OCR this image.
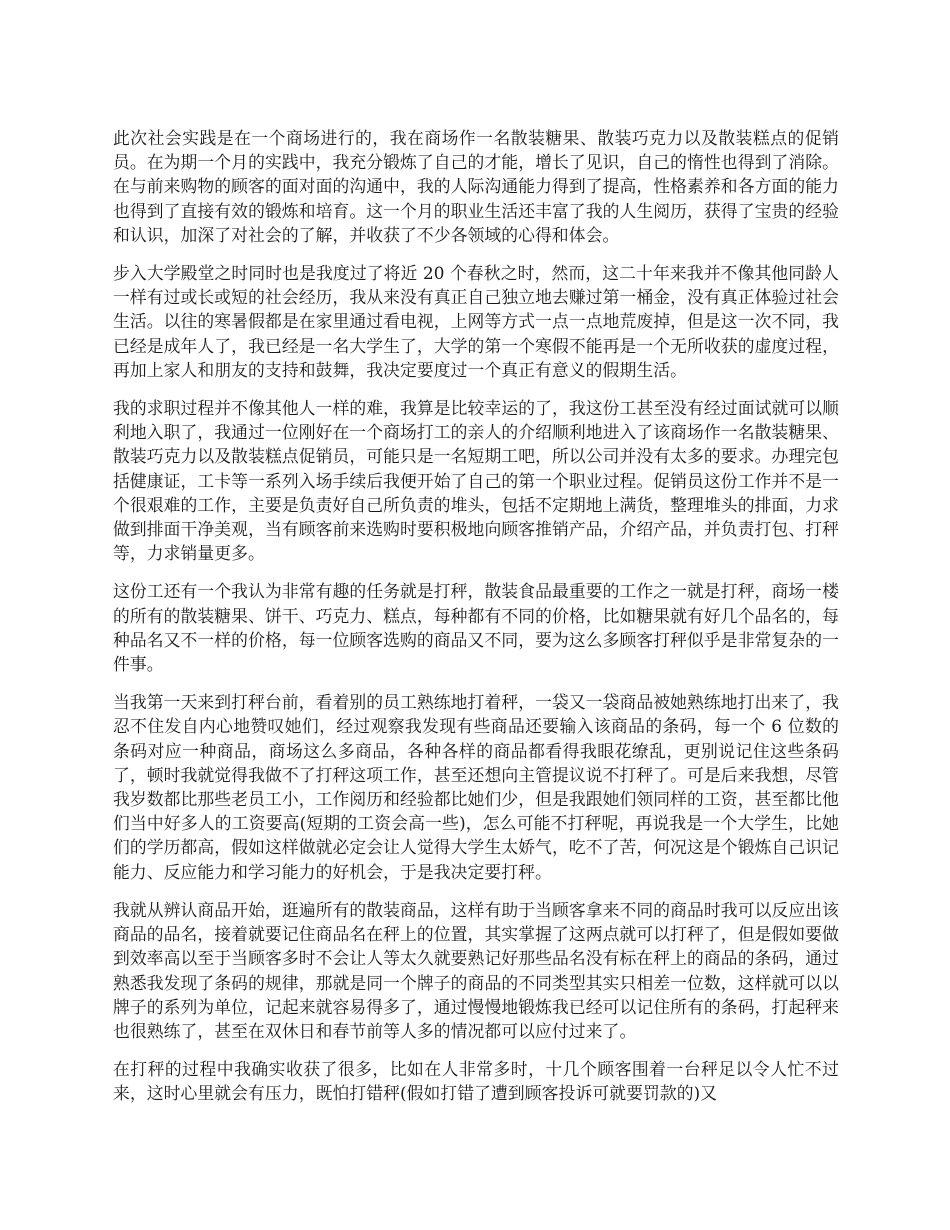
此次社会实践是在一个商场进行的，我在商场作一名散装糖果、散装巧克力以及散装糕点的促销员。在为期一个月的实践中，我充分锻炼了自己的才能，增长了见识，自己的惰性也得到了消除。在与前来购物的顾客的面对面的沟通中，我的人际沟通能力得到了提高，性格素养和各方面的能力也得到了直接有效的锻炼和培育。这一个月的职业生活还丰富了我的人生阅历，获得了宝贵的经验和认识，加深了对社会的了解，并收获了不少各领域的心得和体会。

步入大学殿堂之时同时也是我度过了将近 20 个春秋之时，然而，这二十年来我并不像其他同龄人一样有过或长或短的社会经历，我从来没有真正自己独立地去赚过第一桶金，没有真正体验过社会生活。以往的寒暑假都是在家里通过看电视，上网等方式一点一点地荒废掉，但是这一次不同，我已经是成年人了，我已经是一名大学生了，大学的第一个寒假不能再是一个无所收获的虚度过程，再加上家人和朋友的支持和鼓舞，我决定要度过一个真正有意义的假期生活。

我的求职过程并不像其他人一样的难，我算是比较幸运的了，我这份工甚至没有经过面试就可以顺利地入职了，我通过一位刚好在一个商场打工的亲人的介绍顺利地进入了该商场作一名散装糖果、散装巧克力以及散装糕点促销员，可能只是一名短期工吧，所以公司并没有太多的要求。办理完包括健康证，工卡等一系列入场手续后我便开始了自己的第一个职业过程。促销员这份工作并不是一个很艰难的工作，主要是负责好自己所负责的堆头，包括不定期地上满货，整理堆头的排面，力求做到排面干净美观，当有顾客前来选购时要积极地向顾客推销产品，介绍产品，并负责打包、打秤等，力求销量更多。

这份工还有一个我认为非常有趣的任务就是打秤，散装食品最重要的工作之一就是打秤，商场一楼的所有的散装糖果、饼干、巧克力、糕点，每种都有不同的价格，比如糖果就有好几个品名的，每种品名又不一样的价格，每一位顾客选购的商品又不同，要为这么多顾客打秤似乎是非常复杂的一件事。

当我第一天来到打秤台前，看着别的员工熟练地打着秤，一袋又一袋商品被她熟练地打出来了，我忍不住发自内心地赞叹她们，经过观察我发现有些商品还要输入该商品的条码，每一个 6 位数的条码对应一种商品，商场这么多商品，各种各样的商品都看得我眼花缭乱，更别说记住这些条码了，顿时我就觉得我做不了打秤这项工作，甚至还想向主管提议说不打秤了。可是后来我想，尽管我岁数都比那些老员工小，工作阅历和经验都比她们少，但是我跟她们领同样的工资，甚至都比他们当中好多人的工资要高(短期的工资会高一些)，怎么可能不打秤呢，再说我是一个大学生，比她们的学历都高，假如这样做就必定会让人觉得大学生太娇气，吃不了苦，何况这是个锻炼自己识记能力、反应能力和学习能力的好机会，于是我决定要打秤。

我就从辨认商品开始，逛遍所有的散装商品，这样有助于当顾客拿来不同的商品时我可以反应出该商品的品名，接着就要记住商品名在秤上的位置，其实掌握了这两点就可以打秤了，但是假如要做到效率高以至于当顾客多时不会让人等太久就要熟记好那些品名没有标在秤上的商品的条码，通过熟悉我发现了条码的规律，那就是同一个牌子的商品的不同类型其实只相差一位数，这样就可以以牌子的系列为单位，记起来就容易得多了，通过慢慢地锻炼我已经可以记住所有的条码，打起秤来也很熟练了，甚至在双休日和春节前等人多的情况都可以应付过来了。

在打秤的过程中我确实收获了很多，比如在人非常多时，十几个顾客围着一台秤足以令人忙不过来，这时心里就会有压力，既怕打错秤(假如打错了遭到顾客投诉可就要罚款的)又
